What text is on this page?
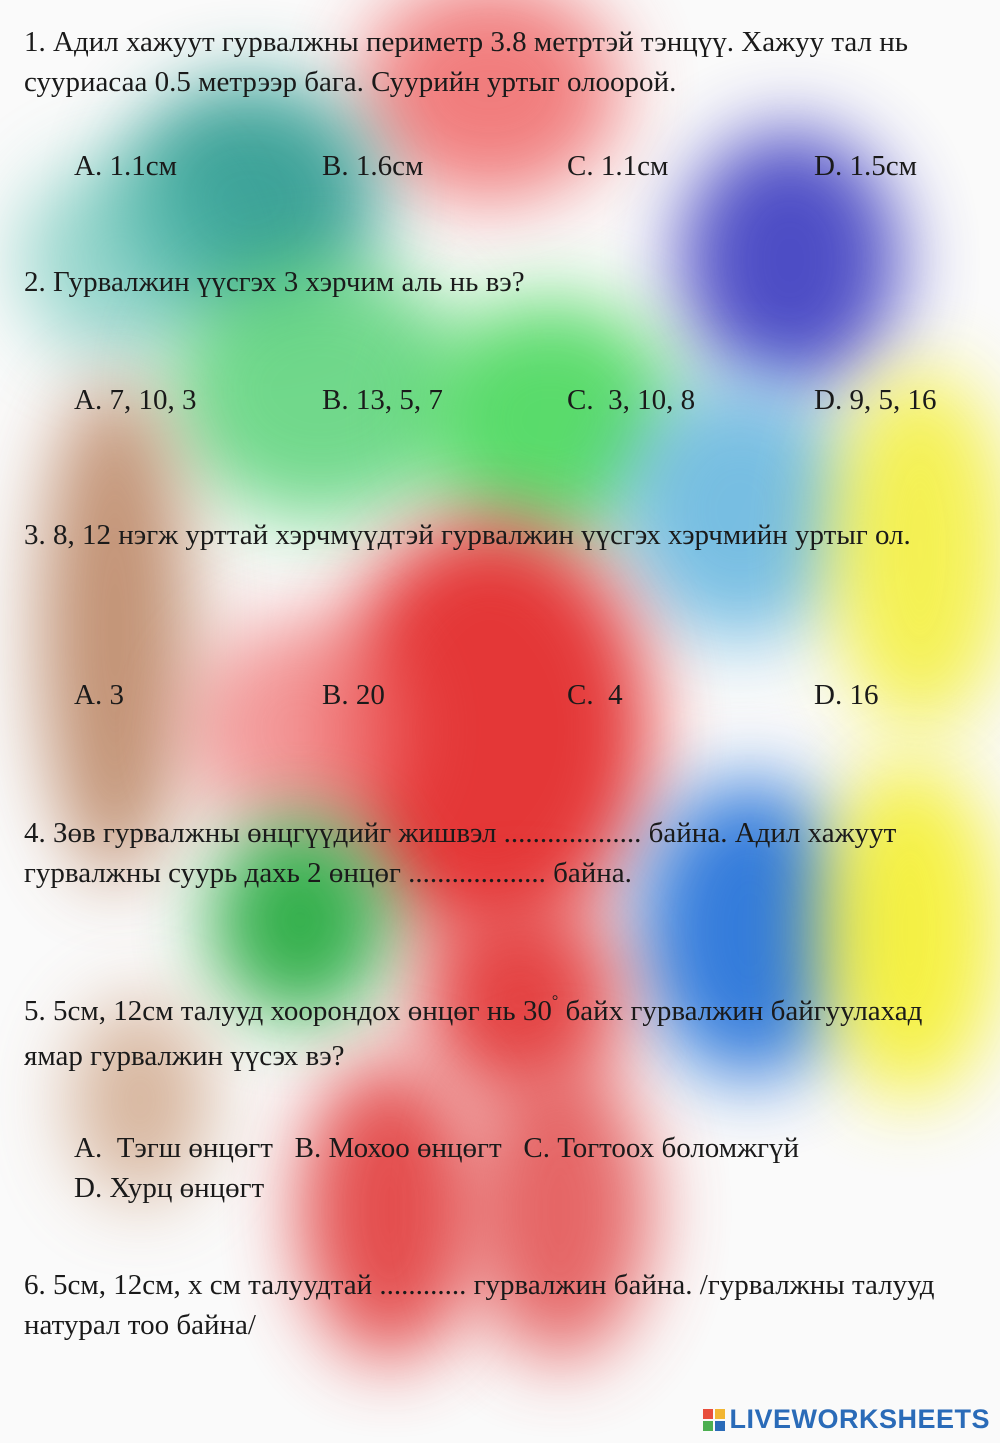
1. Адил хажуут гурвалжны периметр 3.8 метртэй тэнцүү. Хажуу тал нь сууриасаа 0.5 метрээр бага. Суурийн уртыг олоорой.
A. 1.1см	B. 1.6см	C. 1.1см	D. 1.5см
2. Гурвалжин үүсгэх 3 хэрчим аль нь вэ?
A. 7, 10, 3	B. 13, 5, 7	C.  3, 10, 8	D. 9, 5, 16
3. 8, 12 нэгж урттай хэрчмүүдтэй гурвалжин үүсгэх хэрчмийн уртыг ол.
A. 3	B. 20	C.  4	D. 16
4. Зөв гурвалжны өнцгүүдийг жишвэл ................... байна. Адил хажуут гурвалжны суурь дахь 2 өнцөг ................... байна.
5. 5см, 12см талууд хоорондох өнцөг нь 30° байх гурвалжин байгуулахад ямар гурвалжин үүсэх вэ?
A.  Тэгш өнцөгт   B. Мохоо өнцөгт   C. Тогтоох боломжгүй
D. Хурц өнцөгт
6. 5см, 12см, х см талуудтай ............ гурвалжин байна. /гурвалжны талууд натурал тоо байна/
LIVEWORKSHEETS
